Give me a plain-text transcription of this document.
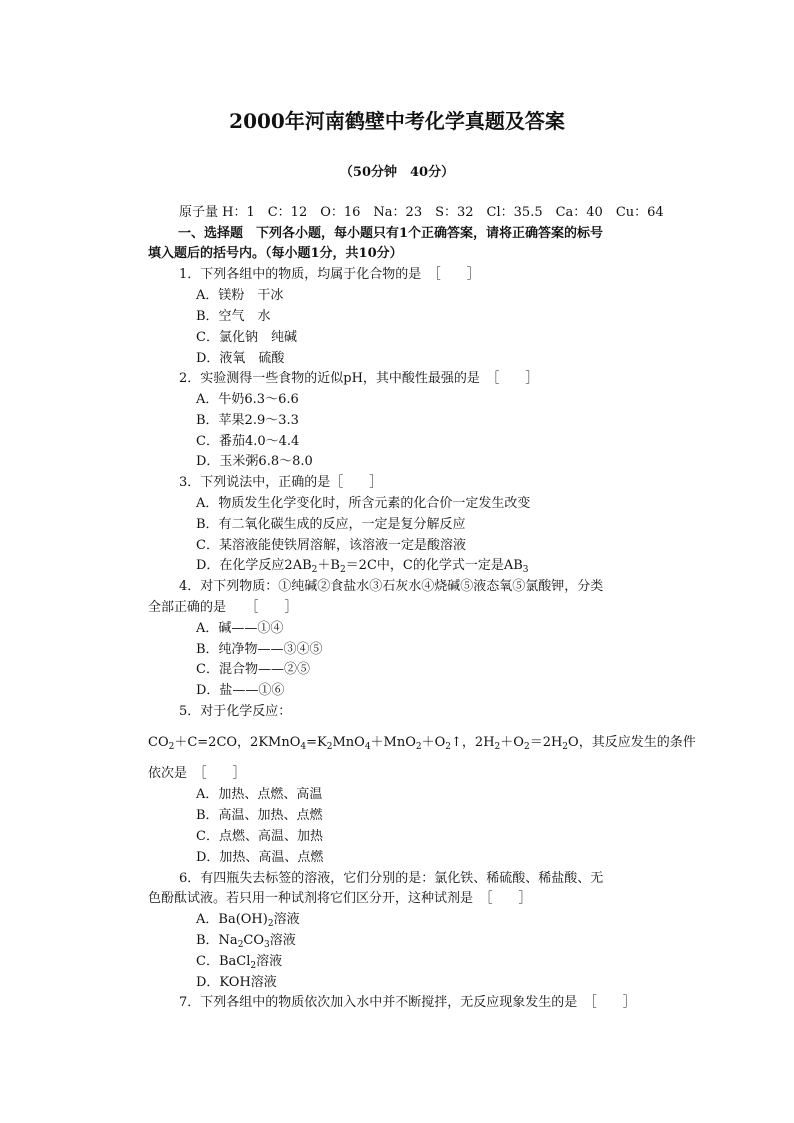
2000年河南鹤壁中考化学真题及答案
（50分钟　40分）
原子量 H：1　C：12　O：16　Na：23　S：32　Cl：35.5　Ca：40　Cu：64
一、选择题　下列各小题，每小题只有1个正确答案，请将正确答案的标号
填入题后的括号内。（每小题1分，共10分）
1．下列各组中的物质，均属于化合物的是　［　　］
A．镁粉　干冰
B．空气　水
C．氯化钠　纯碱
D．液氧　硫酸
2．实验测得一些食物的近似pH，其中酸性最强的是　［　　］
A．牛奶6.3～6.6
B．苹果2.9～3.3
C．番茄4.0～4.4
D．玉米粥6.8～8.0
3．下列说法中，正确的是［　　］
A．物质发生化学变化时，所含元素的化合价一定发生改变
B．有二氧化碳生成的反应，一定是复分解反应
C．某溶液能使铁屑溶解，该溶液一定是酸溶液
D．在化学反应$2AB_2+B_2=2C$中，C的化学式一定是$AB_3$
4．对下列物质：①纯碱②食盐水③石灰水④烧碱⑤液态氧⑤氯酸钾，分类
全部正确的是　　［　　］
A．碱——①④
B．纯净物——③④⑤
C．混合物——②⑤
D．盐——①⑥
5．对于化学反应：
$CO_2+C=2CO$，$2KMnO_4=K_2MnO_4+MnO_2+O_2↑$，$2H_2+O_2=2H_2O$，其反应发生的条件
依次是　［　　］
A．加热、点燃、高温
B．高温、加热、点燃
C．点燃、高温、加热
D．加热、高温、点燃
6．有四瓶失去标签的溶液，它们分别的是：氯化铁、稀硫酸、稀盐酸、无
色酚酞试液。若只用一种试剂将它们区分开，这种试剂是　［　　］
A．$Ba(OH)_2$溶液
B．$Na_2CO_3$溶液
C．BaCl$_2$溶液
D．KOH溶液
7．下列各组中的物质依次加入水中并不断搅拌，无反应现象发生的是　［　　］
